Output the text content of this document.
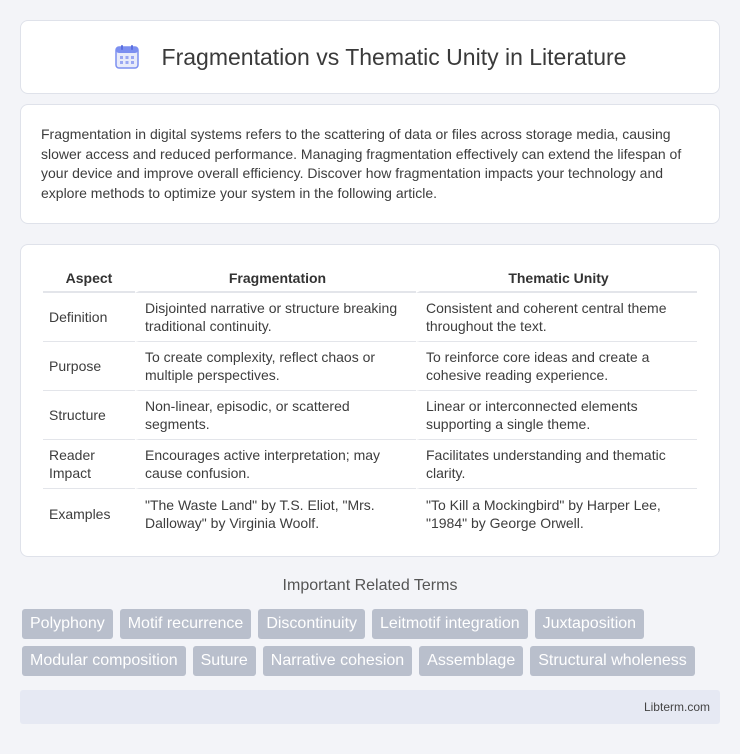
Fragmentation vs Thematic Unity in Literature

Fragmentation in digital systems refers to the scattering of data or files across storage media, causing slower access and reduced performance. Managing fragmentation effectively can extend the lifespan of your device and improve overall efficiency. Discover how fragmentation impacts your technology and explore methods to optimize your system in the following article.

Aspect	Fragmentation	Thematic Unity
Definition	Disjointed narrative or structure breaking traditional continuity.	Consistent and coherent central theme throughout the text.
Purpose	To create complexity, reflect chaos or multiple perspectives.	To reinforce core ideas and create a cohesive reading experience.
Structure	Non-linear, episodic, or scattered segments.	Linear or interconnected elements supporting a single theme.
Reader Impact	Encourages active interpretation; may cause confusion.	Facilitates understanding and thematic clarity.
Examples	"The Waste Land" by T.S. Eliot, "Mrs. Dalloway" by Virginia Woolf.	"To Kill a Mockingbird" by Harper Lee, "1984" by George Orwell.
Important Related Terms
Polyphony	Motif recurrence	Discontinuity	Leitmotif integration	Juxtaposition
Modular composition	Suture	Narrative cohesion	Assemblage	Structural wholeness
Libterm.com
